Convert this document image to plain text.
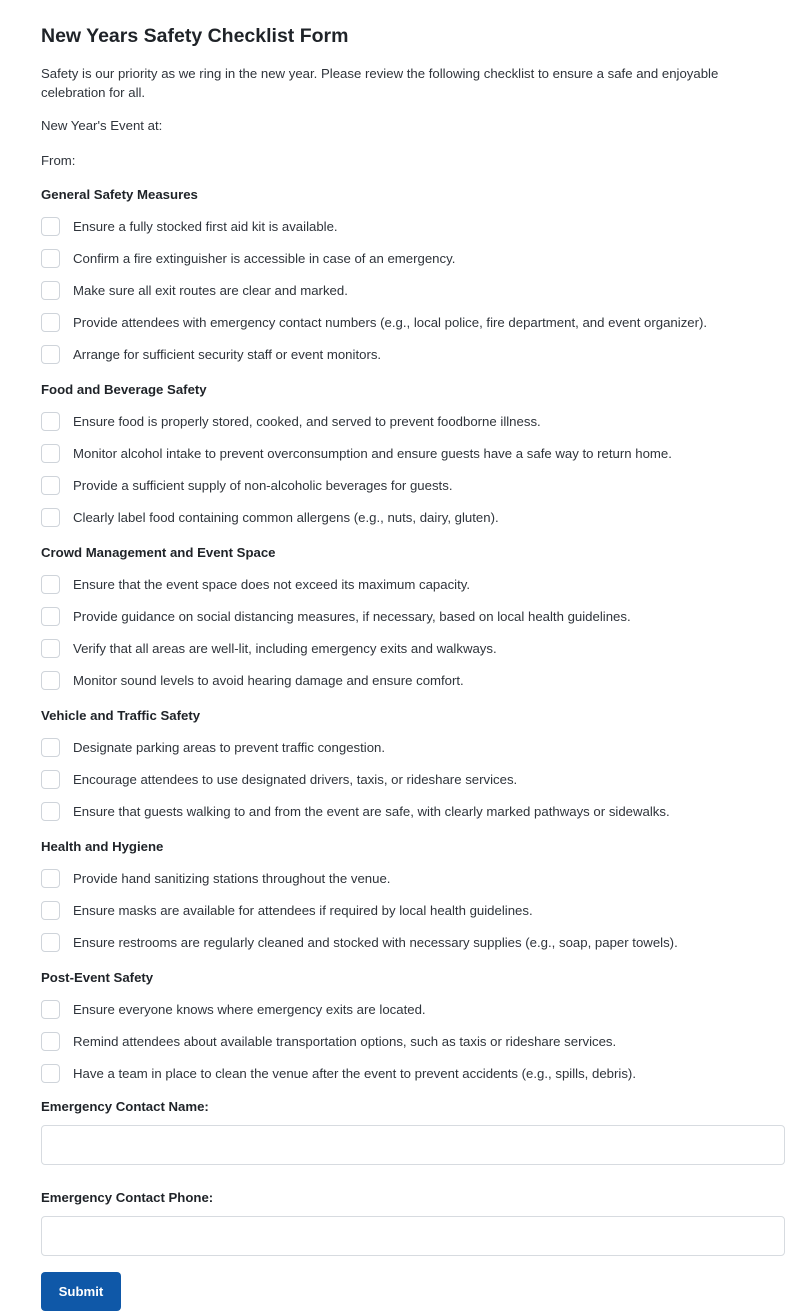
New Years Safety Checklist Form

Safety is our priority as we ring in the new year. Please review the following checklist to ensure a safe and enjoyable celebration for all.

New Year's Event at:

From:

General Safety Measures
Ensure a fully stocked first aid kit is available.
Confirm a fire extinguisher is accessible in case of an emergency.
Make sure all exit routes are clear and marked.
Provide attendees with emergency contact numbers (e.g., local police, fire department, and event organizer).
Arrange for sufficient security staff or event monitors.
Food and Beverage Safety
Ensure food is properly stored, cooked, and served to prevent foodborne illness.
Monitor alcohol intake to prevent overconsumption and ensure guests have a safe way to return home.
Provide a sufficient supply of non-alcoholic beverages for guests.
Clearly label food containing common allergens (e.g., nuts, dairy, gluten).
Crowd Management and Event Space
Ensure that the event space does not exceed its maximum capacity.
Provide guidance on social distancing measures, if necessary, based on local health guidelines.
Verify that all areas are well-lit, including emergency exits and walkways.
Monitor sound levels to avoid hearing damage and ensure comfort.
Vehicle and Traffic Safety
Designate parking areas to prevent traffic congestion.
Encourage attendees to use designated drivers, taxis, or rideshare services.
Ensure that guests walking to and from the event are safe, with clearly marked pathways or sidewalks.
Health and Hygiene
Provide hand sanitizing stations throughout the venue.
Ensure masks are available for attendees if required by local health guidelines.
Ensure restrooms are regularly cleaned and stocked with necessary supplies (e.g., soap, paper towels).
Post-Event Safety
Ensure everyone knows where emergency exits are located.
Remind attendees about available transportation options, such as taxis or rideshare services.
Have a team in place to clean the venue after the event to prevent accidents (e.g., spills, debris).
Emergency Contact Name:
Emergency Contact Phone:
Submit
